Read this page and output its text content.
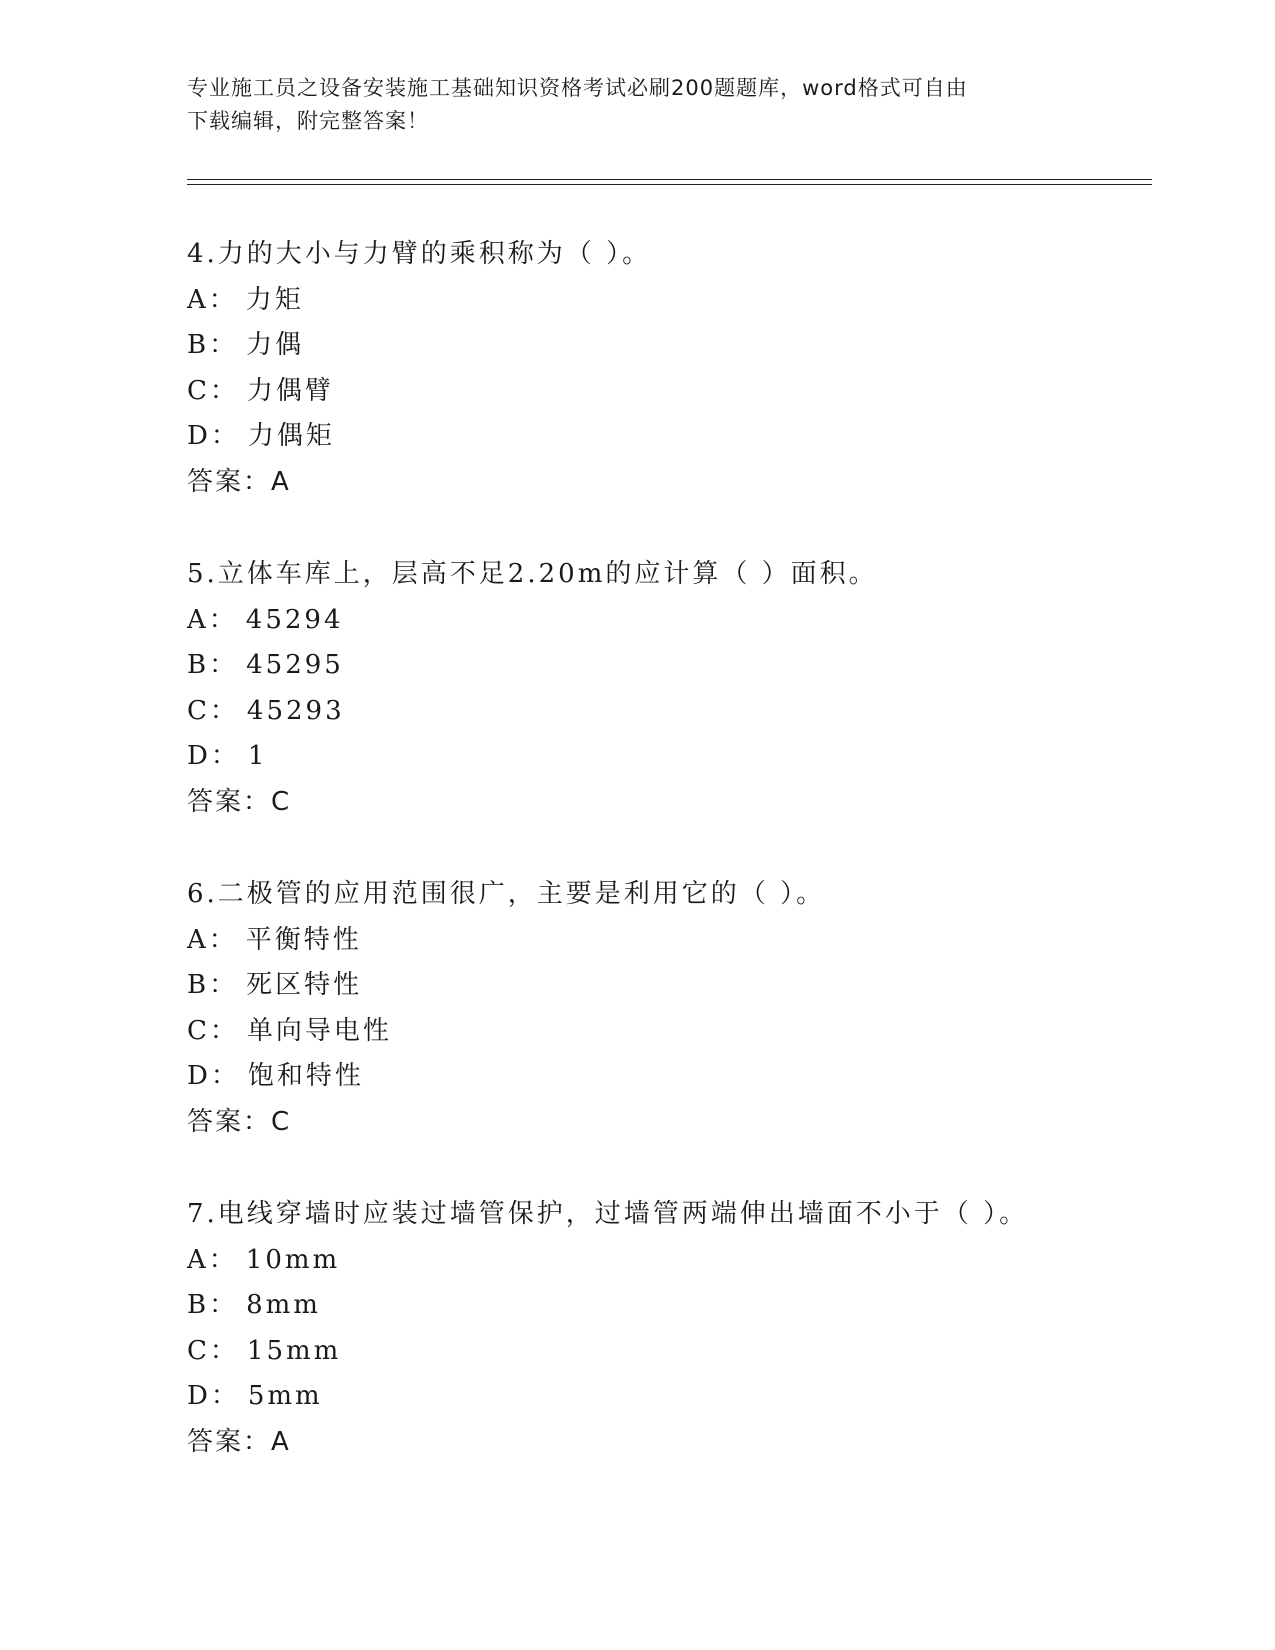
专业施工员之设备安装施工基础知识资格考试必刷200题题库，word格式可自由
下载编辑，附完整答案！
4.力的大小与力臂的乘积称为（ ）。
A： 力矩
B： 力偶
C： 力偶臂
D： 力偶矩
答案：A
5.立体车库上，层高不足2.20m的应计算（ ）面积。
A： 45294
B： 45295
C： 45293
D： 1
答案：C
6.二极管的应用范围很广，主要是利用它的（ ）。
A： 平衡特性
B： 死区特性
C： 单向导电性
D： 饱和特性
答案：C
7.电线穿墙时应装过墙管保护，过墙管两端伸出墙面不小于（ ）。
A： 10mm
B： 8mm
C： 15mm
D： 5mm
答案：A
